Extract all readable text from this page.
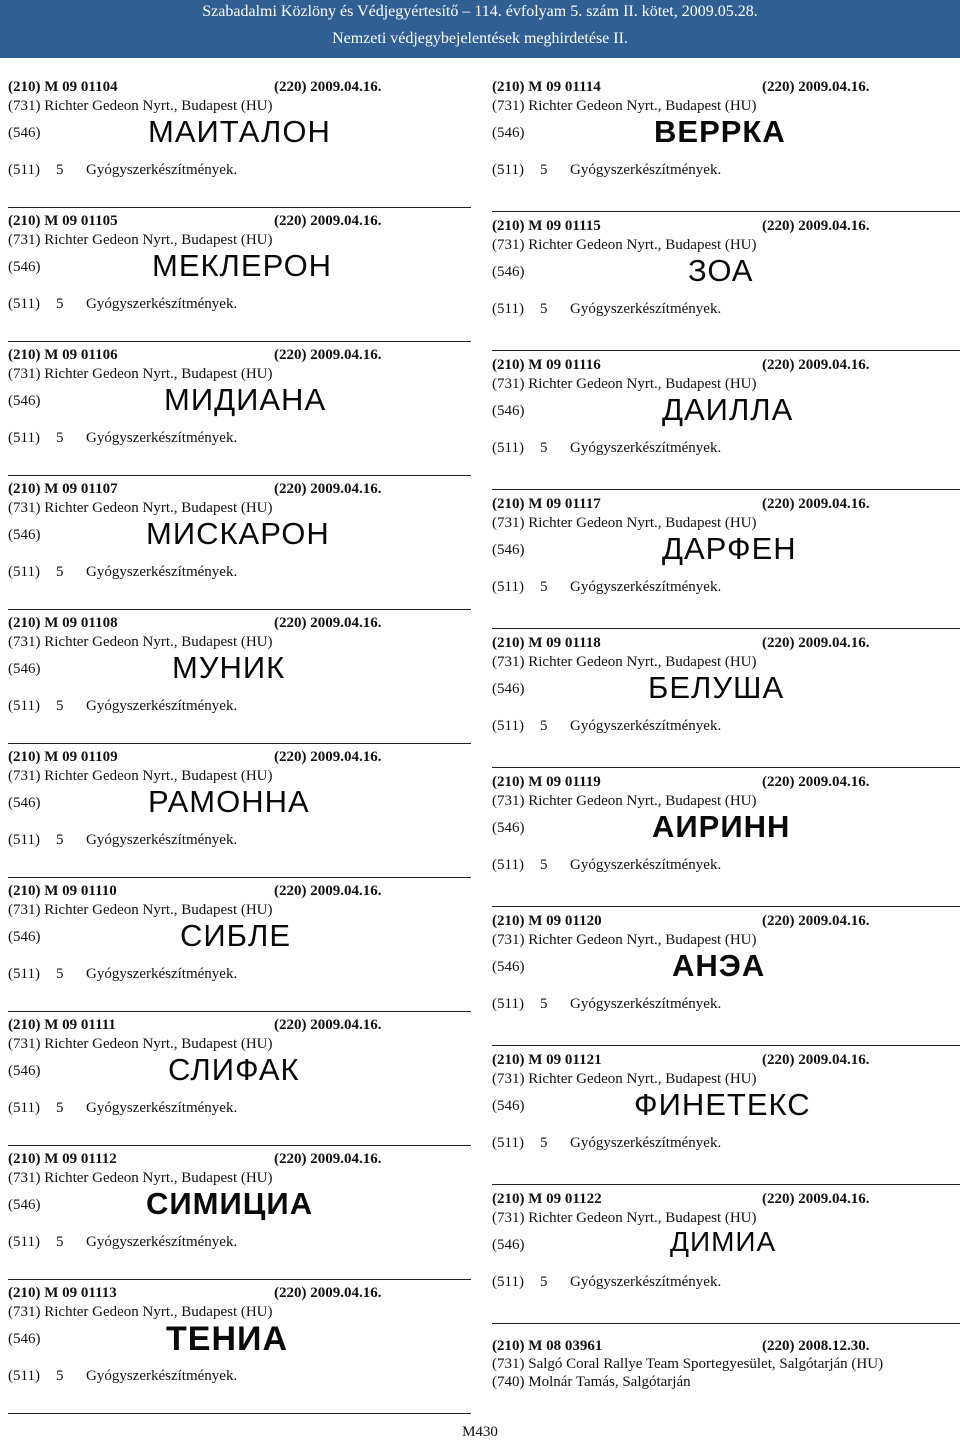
Szabadalmi Közlöny és Védjegyértesítő – 114. évfolyam 5. szám II. kötet, 2009.05.28.
Nemzeti védjegybejelentések meghirdetése II.
(210) M 09 01104	(220) 2009.04.16.
(731) Richter Gedeon Nyrt., Budapest (HU)
(546)	МАИТАЛОН
(511) 5 Gyógyszerkészítmények.
(210) M 09 01105	(220) 2009.04.16.
(731) Richter Gedeon Nyrt., Budapest (HU)
(546)	МЕКЛЕРОН
(511) 5 Gyógyszerkészítmények.
(210) M 09 01106	(220) 2009.04.16.
(731) Richter Gedeon Nyrt., Budapest (HU)
(546)	МИДИАНА
(511) 5 Gyógyszerkészítmények.
(210) M 09 01107	(220) 2009.04.16.
(731) Richter Gedeon Nyrt., Budapest (HU)
(546)	МИСКАРОН
(511) 5 Gyógyszerkészítmények.
(210) M 09 01108	(220) 2009.04.16.
(731) Richter Gedeon Nyrt., Budapest (HU)
(546)	МУНИК
(511) 5 Gyógyszerkészítmények.
(210) M 09 01109	(220) 2009.04.16.
(731) Richter Gedeon Nyrt., Budapest (HU)
(546)	РАМОННА
(511) 5 Gyógyszerkészítmények.
(210) M 09 01110	(220) 2009.04.16.
(731) Richter Gedeon Nyrt., Budapest (HU)
(546)	СИБЛЕ
(511) 5 Gyógyszerkészítmények.
(210) M 09 01111	(220) 2009.04.16.
(731) Richter Gedeon Nyrt., Budapest (HU)
(546)	СЛИФАК
(511) 5 Gyógyszerkészítmények.
(210) M 09 01112	(220) 2009.04.16.
(731) Richter Gedeon Nyrt., Budapest (HU)
(546)	СИМИЦИА
(511) 5 Gyógyszerkészítmények.
(210) M 09 01113	(220) 2009.04.16.
(731) Richter Gedeon Nyrt., Budapest (HU)
(546)	ТЕНИА
(511) 5 Gyógyszerkészítmények.
(210) M 09 01114	(220) 2009.04.16.
(731) Richter Gedeon Nyrt., Budapest (HU)
(546)	ВЕРРКА
(511) 5 Gyógyszerkészítmények.
(210) M 09 01115	(220) 2009.04.16.
(731) Richter Gedeon Nyrt., Budapest (HU)
(546)	ЗОА
(511) 5 Gyógyszerkészítmények.
(210) M 09 01116	(220) 2009.04.16.
(731) Richter Gedeon Nyrt., Budapest (HU)
(546)	ДАИЛЛА
(511) 5 Gyógyszerkészítmények.
(210) M 09 01117	(220) 2009.04.16.
(731) Richter Gedeon Nyrt., Budapest (HU)
(546)	ДАРФЕН
(511) 5 Gyógyszerkészítmények.
(210) M 09 01118	(220) 2009.04.16.
(731) Richter Gedeon Nyrt., Budapest (HU)
(546)	БЕЛУША
(511) 5 Gyógyszerkészítmények.
(210) M 09 01119	(220) 2009.04.16.
(731) Richter Gedeon Nyrt., Budapest (HU)
(546)	АИРИНН
(511) 5 Gyógyszerkészítmények.
(210) M 09 01120	(220) 2009.04.16.
(731) Richter Gedeon Nyrt., Budapest (HU)
(546)	АНЭА
(511) 5 Gyógyszerkészítmények.
(210) M 09 01121	(220) 2009.04.16.
(731) Richter Gedeon Nyrt., Budapest (HU)
(546)	ФИНЕТЕКС
(511) 5 Gyógyszerkészítmények.
(210) M 09 01122	(220) 2009.04.16.
(731) Richter Gedeon Nyrt., Budapest (HU)
(546)	ДИМИА
(511) 5 Gyógyszerkészítmények.
(210) M 08 03961	(220) 2008.12.30.
(731) Salgó Coral Rallye Team Sportegyesület, Salgótarján (HU)
(740) Molnár Tamás, Salgótarján
M430
